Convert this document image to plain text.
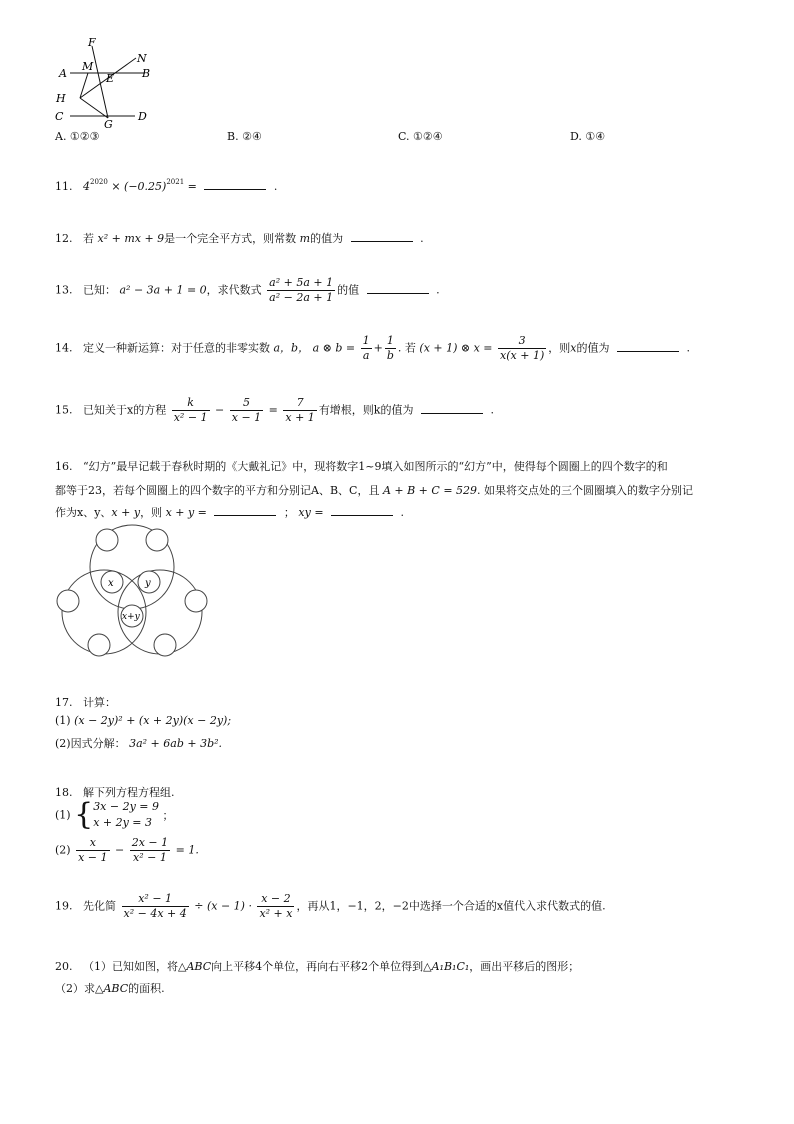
F
N
A
M
E	B
H
C
G
D
A. ①②③	B. ②④	C. ①②④	D. ①④
11. $4^{2020} \times (-0.25)^{2021}$ =	.
12. 若 x² + mx + 9是一个完全平方式，则常数 m的值为	.
13. 已知： a² − 3a + 1 = 0，求代数式 $\frac{\text{a² + 5a + 1}}{\text{a² − 2a + 1}}$ 的值	.
14. 定义一种新运算：对于任意的非零实数 a，b， a ⊗ $b = \frac{1}{a} + \frac{1}{b}$ . 若 (x + 1) ⊗ $x = \frac{3}{x(x + 1)}$ ，则x的值为	.
15. 已知关于x的方程 $\frac{k}{\text{x² − 1}} - \frac{5}{x - 1} = \frac{7}{x + 1}$ 有增根，则k的值为	.
16. “幻方”最早记载于春秋时期的《大戴礼记》中，现将数字1~9填入如图所示的“幻方”中，使得每个圆圈上的四个数字的和
都等于23，若每个圆圈上的四个数字的平方和分别记A、B、C，且 A + B + C = 529. 如果将交点处的三个圆圈填入的数字分别记
作为x、y、x + y，则 x + y =	； xy =	.
x	y
x+y
17. 计算：
(1) (x − 2y)² + (x + 2y)(x − 2y);
(2)因式分解： 3a² + 6ab + 3b².
18. 解下列方程方程组.
(1) { 3x − 2y = 9
x + 2y = 3
；
$(2) \frac{x}{x - 1} - \frac{2x - 1}{\text{x² − 1}} = 1$.
19. 先化简 $\frac{\text{x² − 1}}{\text{x² − 4x + 4}} \div (x - 1) \cdot \frac{x - 2}{\text{x² + x}}$ ，再从1，−1，2，−2中选择一个合适的x值代入求代数式的值.
20. （1）已知如图，将△ABC向上平移4个单位，再向右平移2个单位得到△A₁B₁C₁，画出平移后的图形；
（2）求△ABC的面积.
